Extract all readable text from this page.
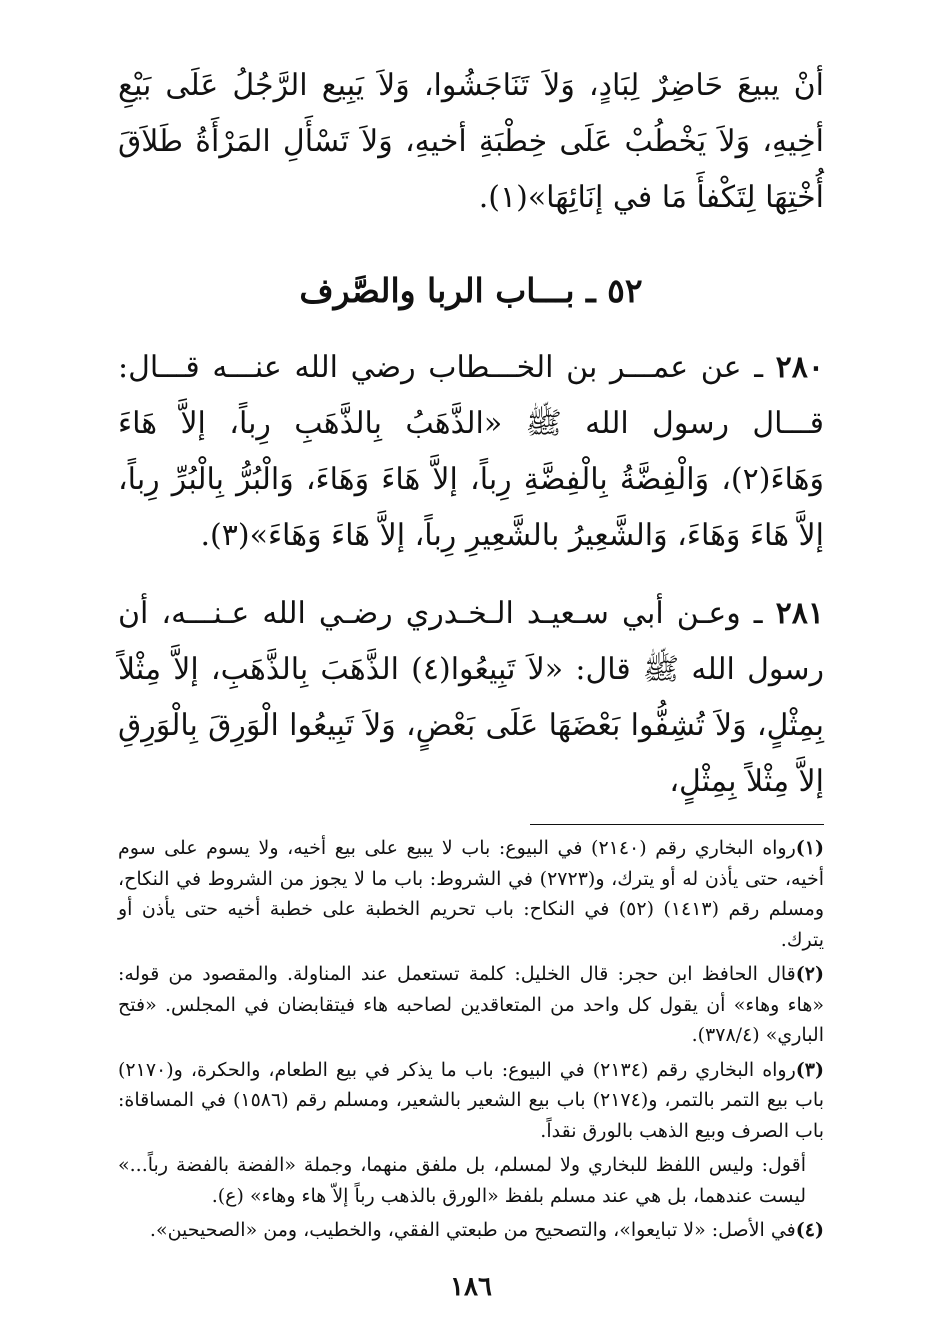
أنْ يبيعَ حَاضِرٌ لِبَادٍ، وَلاَ تَنَاجَشُوا، وَلاَ يَبِيع الرَّجُلُ عَلَى بَيْعِ أخِيهِ، وَلاَ يَخْطُبْ عَلَى خِطْبَةِ أخيهِ، وَلاَ تَسْأَلِ المَرْأَةُ طَلاَقَ أُخْتِهَا لِتَكْفأَ مَا في إنَائِهَا»(١).

٥٢ ـ بـــاب الربا والصَّرف

٢٨٠ ـ عن عمـــر بن الخـــطاب رضي الله عنـــه قـــال: قـــال رسول الله ﷺ «الذَّهَبُ بِالذَّهَبِ رِباً، إلاَّ هَاءَ وَهَاءَ(٢)، وَالْفِضَّةُ بِالْفِضَّةِ رِباً، إلاَّ هَاءَ وَهَاءَ، وَالْبُرُّ بِالْبُرِّ رِباً، إلاَّ هَاءَ وَهَاءَ، وَالشَّعِيرُ بالشَّعِيرِ رِباً، إلاَّ هَاءَ وَهَاءَ»(٣).

٢٨١ ـ وعـن أبي سـعيـد الـخـدري رضـي الله عـنـــه، أن رسول الله ﷺ قال: «لاَ تَبِيعُوا(٤) الذَّهَبَ بِالذَّهَبِ، إلاَّ مِثْلاً بِمِثْلٍ، وَلاَ تُشِفُّوا بَعْضَهَا عَلَى بَعْضٍ، وَلاَ تَبِيعُوا الْوَرِقَ بِالْوَرِقِ إلاَّ مِثْلاً بِمِثْلٍ،

(١)رواه البخاري رقم (٢١٤٠) في البيوع: باب لا يبيع على بيع أخيه، ولا يسوم على سوم أخيه، حتى يأذن له أو يترك، و(٢٧٢٣) في الشروط: باب ما لا يجوز من الشروط في النكاح، ومسلم رقم (١٤١٣) (٥٢) في النكاح: باب تحريم الخطبة على خطبة أخيه حتى يأذن أو يترك.

(٢)قال الحافظ ابن حجر: قال الخليل: كلمة تستعمل عند المناولة. والمقصود من قوله: «هاء وهاء» أن يقول كل واحد من المتعاقدين لصاحبه هاء فيتقابضان في المجلس. «فتح الباري» (٣٧٨/٤).

(٣)رواه البخاري رقم (٢١٣٤) في البيوع: باب ما يذكر في بيع الطعام، والحكرة، و(٢١٧٠) باب بيع التمر بالتمر، و(٢١٧٤) باب بيع الشعير بالشعير، ومسلم رقم (١٥٨٦) في المساقاة: باب الصرف وبيع الذهب بالورق نقداً.

أقول: وليس اللفظ للبخاري ولا لمسلم، بل ملفق منهما، وجملة «الفضة بالفضة رباً...» ليست عندهما، بل هي عند مسلم بلفظ «الورق بالذهب رباً إلاّ هاء وهاء» (ع).

(٤)في الأصل: «لا تبايعوا»، والتصحيح من طبعتي الفقي، والخطيب، ومن «الصحيحين».

١٨٦
